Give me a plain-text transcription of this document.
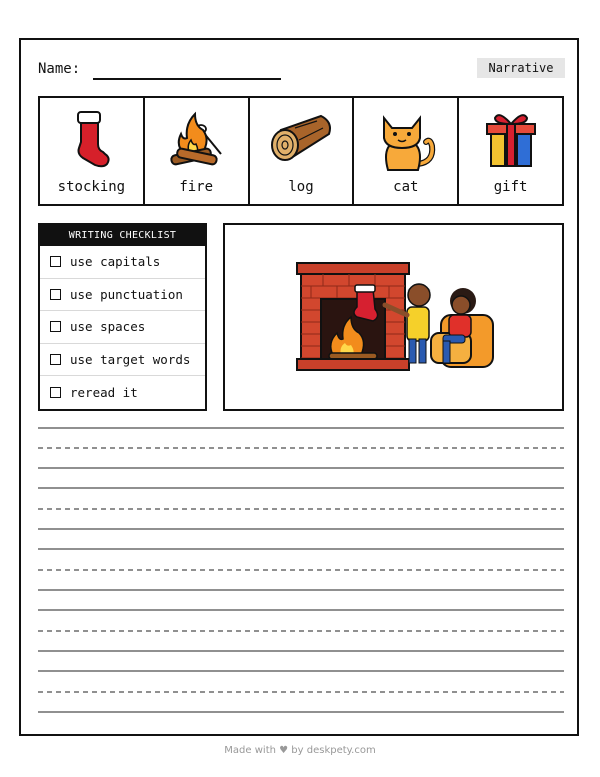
Name:	Narrative
stocking	fire	log	cat	gift
WRITING CHECKLIST
use capitals
use punctuation
use spaces
use target words
reread it
Made with ♥ by deskpety.com
